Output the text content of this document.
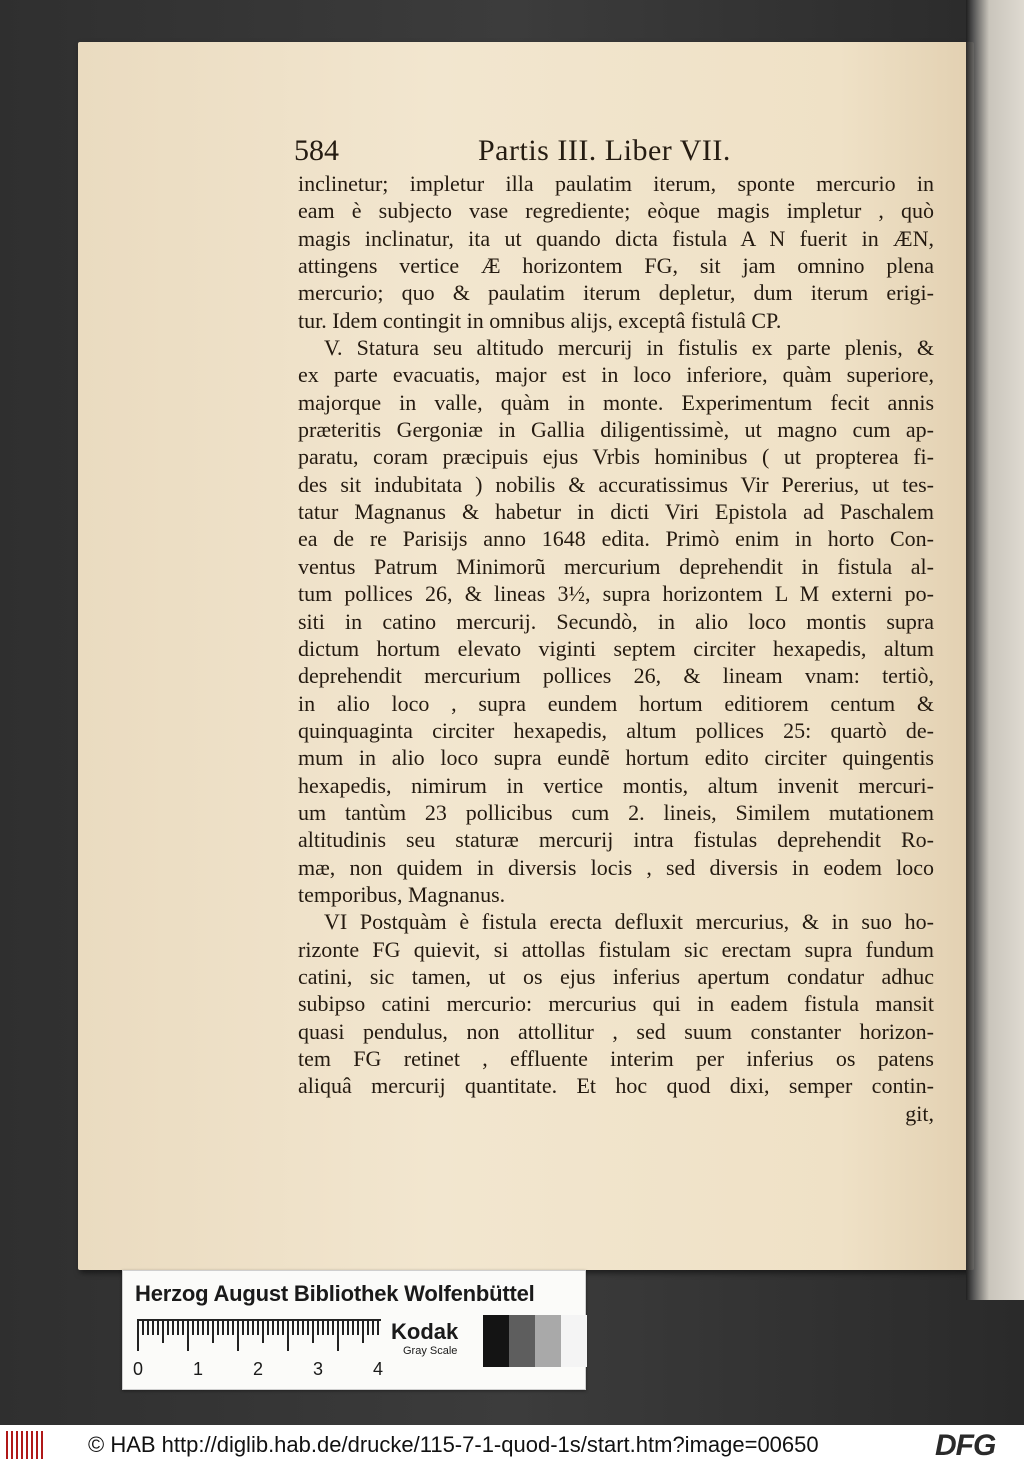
584	Partis III. Liber VII.
inclinetur; impletur illa paulatim iterum, sponte mercurio in
eam è subjecto vase regrediente; eòque magis impletur , quò
magis inclinatur, ita ut quando dicta fistula A N fuerit in ÆN,
attingens vertice Æ horizontem FG, sit jam omnino plena
mercurio; quo & paulatim iterum depletur, dum iterum erigi-
tur. Idem contingit in omnibus alijs, exceptâ fistulâ CP.
V. Statura seu altitudo mercurij in fistulis ex parte plenis, &
ex parte evacuatis, major est in loco inferiore, quàm superiore,
majorque in valle, quàm in monte. Experimentum fecit annis
præteritis Gergoniæ in Gallia diligentissimè, ut magno cum ap-
paratu, coram præcipuis ejus Vrbis hominibus ( ut propterea fi-
des sit indubitata ) nobilis & accuratissimus Vir Pererius, ut tes-
tatur Magnanus & habetur in dicti Viri Epistola ad Paschalem
ea de re Parisijs anno 1648 edita. Primò enim in horto Con-
ventus Patrum Minimorũ mercurium deprehendit in fistula al-
tum pollices 26, & lineas 3½, supra horizontem L M externi po-
siti in catino mercurij. Secundò, in alio loco montis supra
dictum hortum elevato viginti septem circiter hexapedis, altum
deprehendit mercurium pollices 26, & lineam vnam: tertiò,
in alio loco , supra eundem hortum editiorem centum &
quinquaginta circiter hexapedis, altum pollices 25: quartò de-
mum in alio loco supra eundẽ hortum edito circiter quingentis
hexapedis, nimirum in vertice montis, altum invenit mercuri-
um tantùm 23 pollicibus cum 2. lineis, Similem mutationem
altitudinis seu staturæ mercurij intra fistulas deprehendit Ro-
mæ, non quidem in diversis locis , sed diversis in eodem loco
temporibus, Magnanus.
VI Postquàm è fistula erecta defluxit mercurius, & in suo ho-
rizonte FG quievit, si attollas fistulam sic erectam supra fundum
catini, sic tamen, ut os ejus inferius apertum condatur adhuc
subipso catini mercurio: mercurius qui in eadem fistula mansit
quasi pendulus, non attollitur , sed suum constanter horizon-
tem FG retinet , effluente interim per inferius os patens
aliquâ mercurij quantitate. Et hoc quod dixi, semper contin-
git,
Herzog August Bibliothek Wolfenbüttel
0	1	2	3	4
Kodak
Gray Scale
© HAB http://diglib.hab.de/drucke/115-7-1-quod-1s/start.htm?image=00650	DFG
